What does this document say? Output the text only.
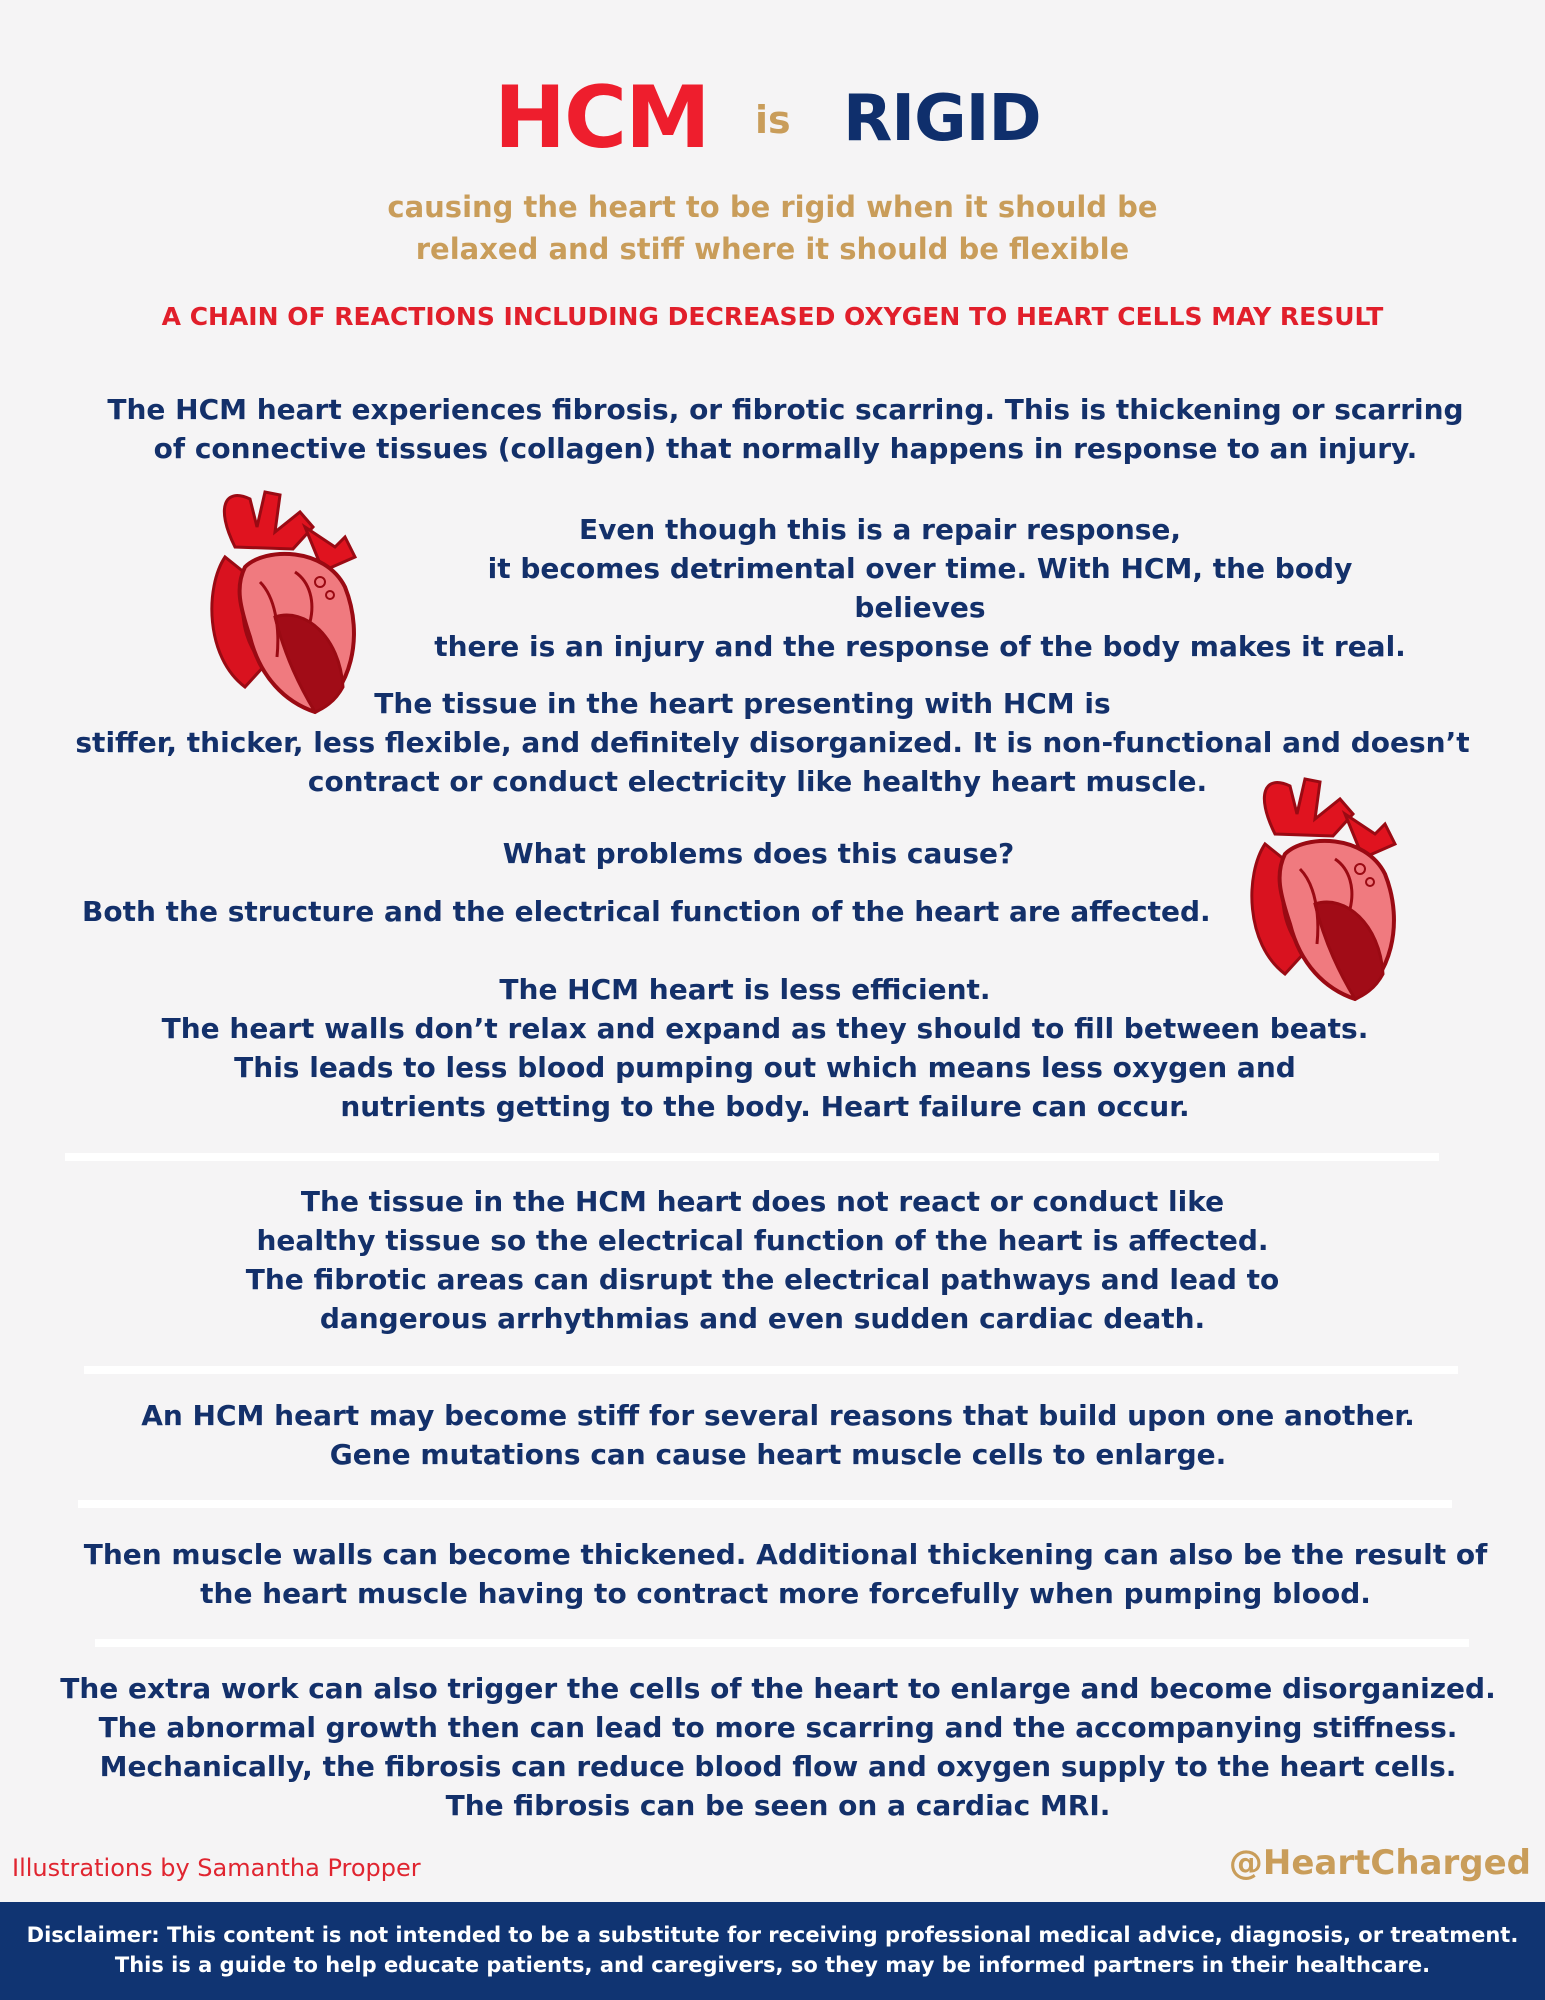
HCM is RIGID
causing the heart to be rigid when it should be
relaxed and stiff where it should be flexible
A CHAIN OF REACTIONS INCLUDING DECREASED OXYGEN TO HEART CELLS MAY RESULT
The HCM heart experiences fibrosis, or fibrotic scarring. This is thickening or scarring
of connective tissues (collagen) that normally happens in response to an injury.
Even though this is a repair response,
it becomes detrimental over time. With HCM, the body believes
there is an injury and the response of the body makes it real.
The tissue in the heart presenting with HCM is
stiffer, thicker, less flexible, and definitely disorganized. It is non-functional and doesn’t
contract or conduct electricity like healthy heart muscle.
What problems does this cause?
Both the structure and the electrical function of the heart are affected.
The HCM heart is less efficient.
The heart walls don’t relax and expand as they should to fill between beats.
This leads to less blood pumping out which means less oxygen and
nutrients getting to the body. Heart failure can occur.
The tissue in the HCM heart does not react or conduct like
healthy tissue so the electrical function of the heart is affected.
The fibrotic areas can disrupt the electrical pathways and lead to
dangerous arrhythmias and even sudden cardiac death.
An HCM heart may become stiff for several reasons that build upon one another.
Gene mutations can cause heart muscle cells to enlarge.
Then muscle walls can become thickened. Additional thickening can also be the result of
the heart muscle having to contract more forcefully when pumping blood.
The extra work can also trigger the cells of the heart to enlarge and become disorganized.
The abnormal growth then can lead to more scarring and the accompanying stiffness.
Mechanically, the fibrosis can reduce blood flow and oxygen supply to the heart cells.
The fibrosis can be seen on a cardiac MRI.
Illustrations by Samantha Propper	@HeartCharged
Disclaimer: This content is not intended to be a substitute for receiving professional medical advice, diagnosis, or treatment.
This is a guide to help educate patients, and caregivers, so they may be informed partners in their healthcare.
